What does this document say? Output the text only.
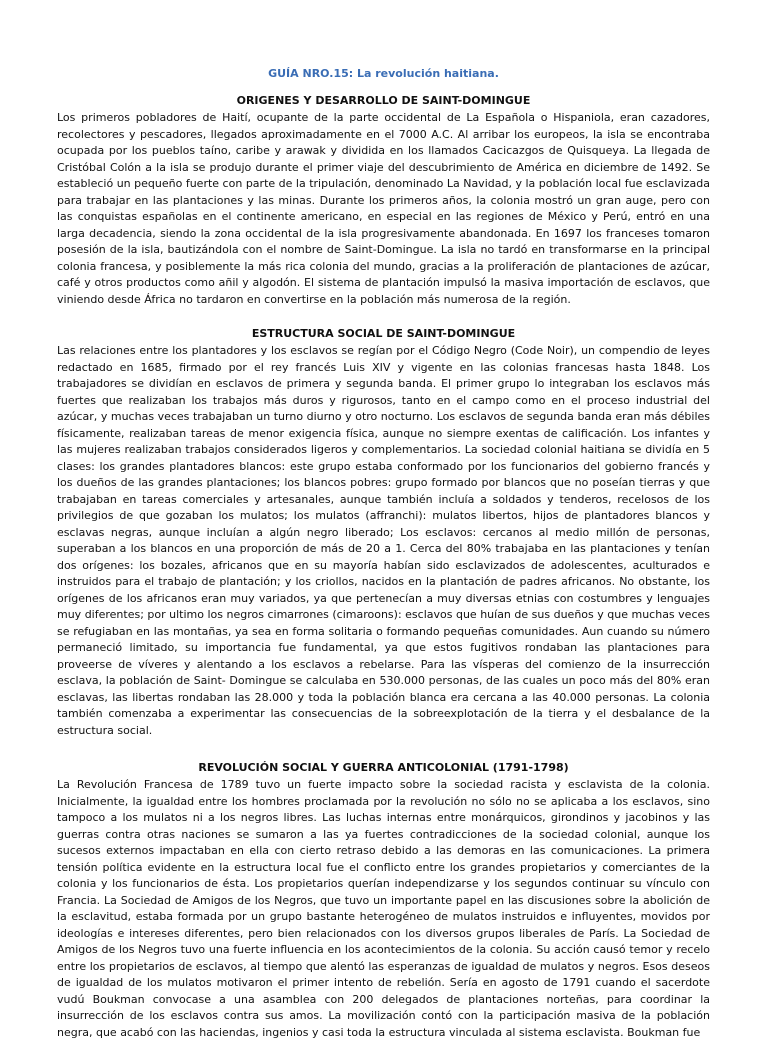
GUÍA NRO.15: La revolución haitiana.
ORIGENES Y DESARROLLO DE SAINT-DOMINGUE

Los primeros pobladores de Haití, ocupante de la parte occidental de La Española o Hispaniola, eran cazadores, recolectores y pescadores, llegados aproximadamente en el 7000 A.C. Al arribar los europeos, la isla se encontraba ocupada por los pueblos taíno, caribe y arawak y dividida en los llamados Cacicazgos de Quisqueya. La llegada de Cristóbal Colón a la isla se produjo durante el primer viaje del descubrimiento de América en diciembre de 1492. Se estableció un pequeño fuerte con parte de la tripulación, denominado La Navidad, y la población local fue esclavizada para trabajar en las plantaciones y las minas. Durante los primeros años, la colonia mostró un gran auge, pero con las conquistas españolas en el continente americano, en especial en las regiones de México y Perú, entró en una larga decadencia, siendo la zona occidental de la isla progresivamente abandonada. En 1697 los franceses tomaron posesión de la isla, bautizándola con el nombre de Saint-Domingue. La isla no tardó en transformarse en la principal colonia francesa, y posiblemente la más rica colonia del mundo, gracias a la proliferación de plantaciones de azúcar, café y otros productos como añil y algodón. El sistema de plantación impulsó la masiva importación de esclavos, que viniendo desde África no tardaron en convertirse en la población más numerosa de la región.

ESTRUCTURA SOCIAL DE SAINT-DOMINGUE

Las relaciones entre los plantadores y los esclavos se regían por el Código Negro (Code Noir), un compendio de leyes redactado en 1685, firmado por el rey francés Luis XIV y vigente en las colonias francesas hasta 1848. Los trabajadores se dividían en esclavos de primera y segunda banda. El primer grupo lo integraban los esclavos más fuertes que realizaban los trabajos más duros y rigurosos, tanto en el campo como en el proceso industrial del azúcar, y muchas veces trabajaban un turno diurno y otro nocturno. Los esclavos de segunda banda eran más débiles físicamente, realizaban tareas de menor exigencia física, aunque no siempre exentas de calificación. Los infantes y las mujeres realizaban trabajos considerados ligeros y complementarios. La sociedad colonial haitiana se dividía en 5 clases: los grandes plantadores blancos: este grupo estaba conformado por los funcionarios del gobierno francés y los dueños de las grandes plantaciones; los blancos pobres: grupo formado por blancos que no poseían tierras y que trabajaban en tareas comerciales y artesanales, aunque también incluía a soldados y tenderos, recelosos de los privilegios de que gozaban los mulatos; los mulatos (affranchi): mulatos libertos, hijos de plantadores blancos y esclavas negras, aunque incluían a algún negro liberado; Los esclavos: cercanos al medio millón de personas, superaban a los blancos en una proporción de más de 20 a 1. Cerca del 80% trabajaba en las plantaciones y tenían dos orígenes: los bozales, africanos que en su mayoría habían sido esclavizados de adolescentes, aculturados e instruidos para el trabajo de plantación; y los criollos, nacidos en la plantación de padres africanos. No obstante, los orígenes de los africanos eran muy variados, ya que pertenecían a muy diversas etnias con costumbres y lenguajes muy diferentes; por ultimo los negros cimarrones (cimaroons): esclavos que huían de sus dueños y que muchas veces se refugiaban en las montañas, ya sea en forma solitaria o formando pequeñas comunidades. Aun cuando su número permaneció limitado, su importancia fue fundamental, ya que estos fugitivos rondaban las plantaciones para proveerse de víveres y alentando a los esclavos a rebelarse. Para las vísperas del comienzo de la insurrección esclava, la población de Saint- Domingue se calculaba en 530.000 personas, de las cuales un poco más del 80% eran esclavas, las libertas rondaban las 28.000 y toda la población blanca era cercana a las 40.000 personas. La colonia también comenzaba a experimentar las consecuencias de la sobreexplotación de la tierra y el desbalance de la estructura social.

REVOLUCIÓN SOCIAL Y GUERRA ANTICOLONIAL (1791-1798)

La Revolución Francesa de 1789 tuvo un fuerte impacto sobre la sociedad racista y esclavista de la colonia. Inicialmente, la igualdad entre los hombres proclamada por la revolución no sólo no se aplicaba a los esclavos, sino tampoco a los mulatos ni a los negros libres. Las luchas internas entre monárquicos, girondinos y jacobinos y las guerras contra otras naciones se sumaron a las ya fuertes contradicciones de la sociedad colonial, aunque los sucesos externos impactaban en ella con cierto retraso debido a las demoras en las comunicaciones. La primera tensión política evidente en la estructura local fue el conflicto entre los grandes propietarios y comerciantes de la colonia y los funcionarios de ésta. Los propietarios querían independizarse y los segundos continuar su vínculo con Francia. La Sociedad de Amigos de los Negros, que tuvo un importante papel en las discusiones sobre la abolición de la esclavitud, estaba formada por un grupo bastante heterogéneo de mulatos instruidos e influyentes, movidos por ideologías e intereses diferentes, pero bien relacionados con los diversos grupos liberales de París. La Sociedad de Amigos de los Negros tuvo una fuerte influencia en los acontecimientos de la colonia. Su acción causó temor y recelo entre los propietarios de esclavos, al tiempo que alentó las esperanzas de igualdad de mulatos y negros. Esos deseos de igualdad de los mulatos motivaron el primer intento de rebelión. Sería en agosto de 1791 cuando el sacerdote vudú Boukman convocase a una asamblea con 200 delegados de plantaciones norteñas, para coordinar la insurrección de los esclavos contra sus amos. La movilización contó con la participación masiva de la población negra, que acabó con las haciendas, ingenios y casi toda la estructura vinculada al sistema esclavista. Boukman fue
